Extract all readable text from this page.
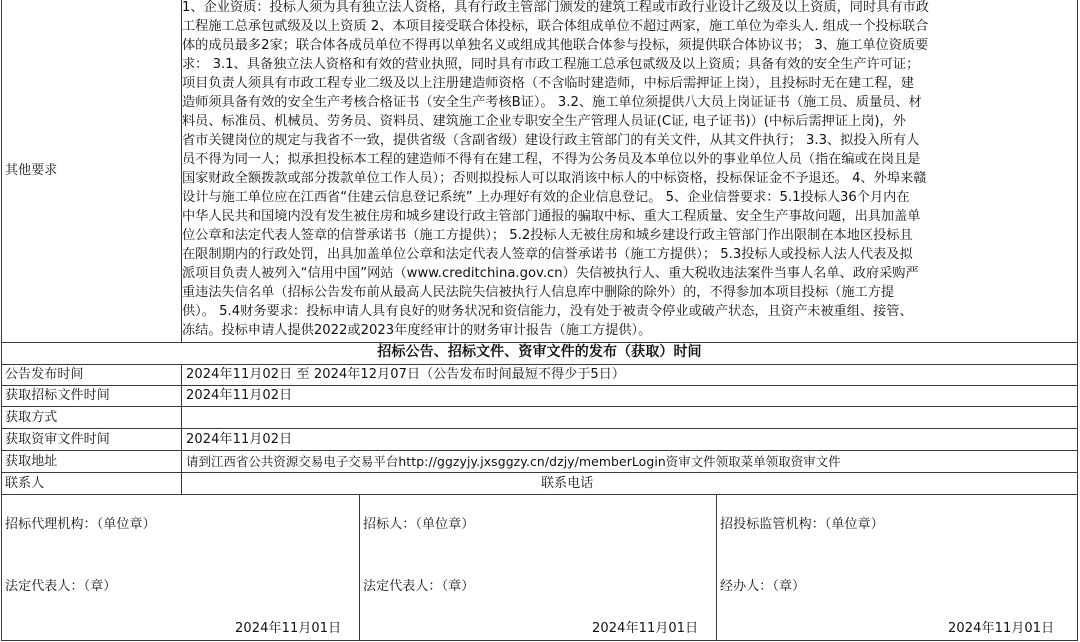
其他要求
1、企业资质：投标人须为具有独立法人资格，具有行政主管部门颁发的建筑工程或市政行业设计乙级及以上资质，同时具有市政
工程施工总承包贰级及以上资质 2、本项目接受联合体投标，联合体组成单位不超过两家，施工单位为牵头人. 组成一个投标联合
体的成员最多2家；联合体各成员单位不得再以单独名义或组成其他联合体参与投标，须提供联合体协议书； 3、施工单位资质要
求： 3.1、具备独立法人资格和有效的营业执照，同时具有市政工程施工总承包贰级及以上资质；具备有效的安全生产许可证；
项目负责人须具有市政工程专业二级及以上注册建造师资格（不含临时建造师，中标后需押证上岗），且投标时无在建工程，建
造师须具备有效的安全生产考核合格证书（安全生产考核B证）。 3.2、施工单位须提供八大员上岗证证书（施工员、质量员、材
料员、标准员、机械员、劳务员、资料员、建筑施工企业专职安全生产管理人员证(C证, 电子证书)）(中标后需押证上岗)，外
省市关键岗位的规定与我省不一致，提供省级（含副省级）建设行政主管部门的有关文件，从其文件执行； 3.3、拟投入所有人
员不得为同一人；拟承担投标本工程的建造师不得有在建工程，不得为公务员及本单位以外的事业单位人员（指在编或在岗且是
国家财政全额拨款或部分拨款单位工作人员）；否则拟投标人可以取消该中标人的中标资格，投标保证金不予退还。 4、外埠来赣
设计与施工单位应在江西省“住建云信息登记系统” 上办理好有效的企业信息登记。 5、企业信誉要求：5.1投标人36个月内在
中华人民共和国境内没有发生被住房和城乡建设行政主管部门通报的骗取中标、重大工程质量、安全生产事故问题，出具加盖单
位公章和法定代表人签章的信誉承诺书（施工方提供）； 5.2投标人无被住房和城乡建设行政主管部门作出限制在本地区投标且
在限制期内的行政处罚，出具加盖单位公章和法定代表人签章的信誉承诺书（施工方提供）； 5.3投标人或投标人法人代表及拟
派项目负责人被列入“信用中国”网站（www.creditchina.gov.cn）失信被执行人、重大税收违法案件当事人名单、政府采购严
重违法失信名单（招标公告发布前从最高人民法院失信被执行人信息库中删除的除外）的，不得参加本项目投标（施工方提
供）。 5.4财务要求：投标申请人具有良好的财务状况和资信能力，没有处于被责令停业或破产状态，且资产未被重组、接管、
冻结。投标申请人提供2022或2023年度经审计的财务审计报告（施工方提供）。
招标公告、招标文件、资审文件的发布（获取）时间
公告发布时间	2024年11月02日 至 2024年12月07日（公告发布时间最短不得少于5日）
获取招标文件时间	2024年11月02日
获取方式
获取资审文件时间	2024年11月02日
获取地址	请到江西省公共资源交易电子交易平台http://ggzyjy.jxsggzy.cn/dzjy/memberLogin资审文件领取菜单领取资审文件
联系人	联系电话
招标代理机构：（单位章）
法定代表人：（章）
2024年11月01日
招标人：（单位章）
法定代表人：（章）
2024年11月01日
招投标监管机构：（单位章）
经办人：（章）
2024年11月01日
